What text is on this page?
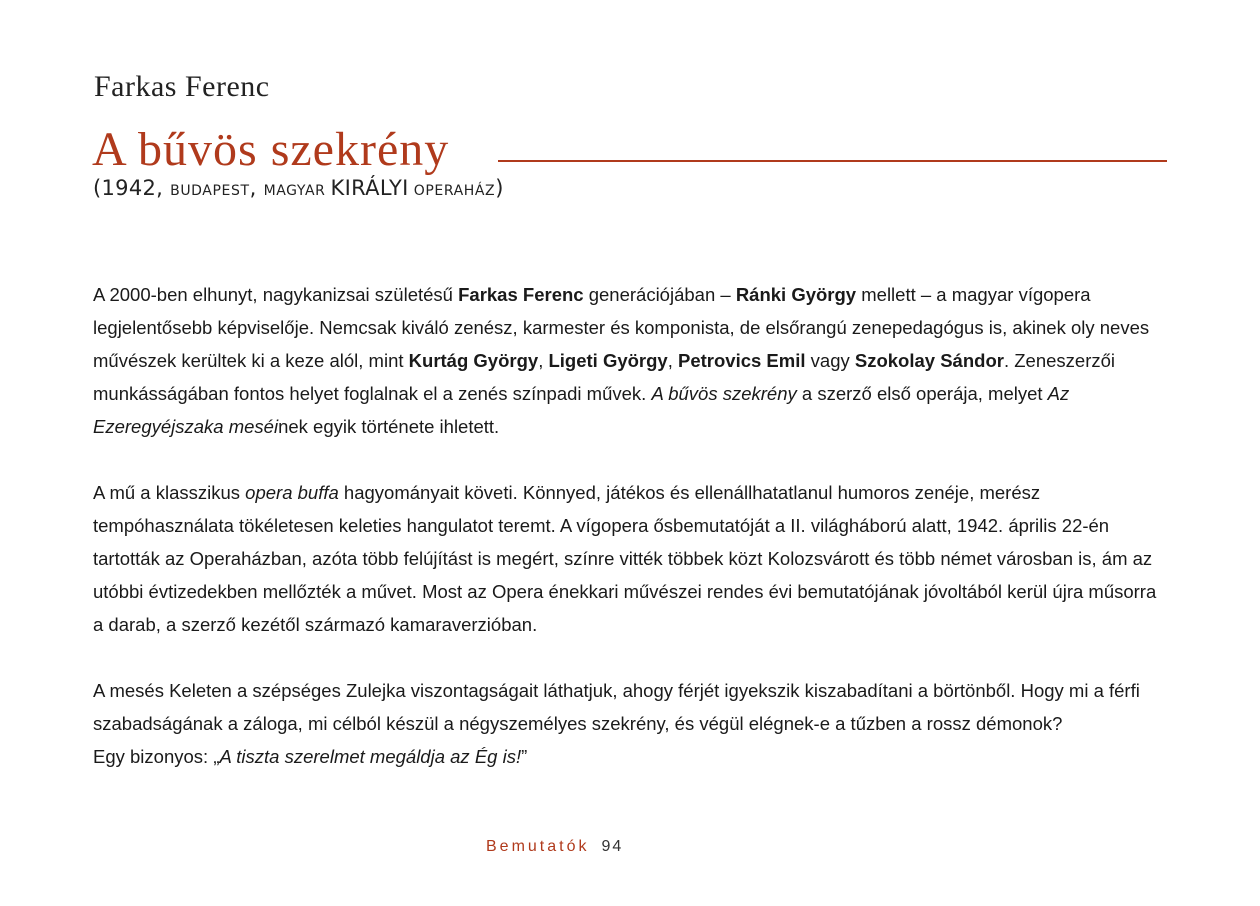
Farkas Ferenc
A bűvös szekrény
(1942, BUDAPEST, MAGYAR KIRÁLYI OPERAHÁZ)

A 2000-ben elhunyt, nagykanizsai születésű Farkas Ferenc generációjában – Ránki György mellett – a magyar vígopera legjelentősebb képviselője. Nemcsak kiváló zenész, karmester és komponista, de elsőrangú zenepedagógus is, akinek oly neves művészek kerültek ki a keze alól, mint Kurtág György, Ligeti György, Petrovics Emil vagy Szokolay Sándor. Zeneszerzői munkásságában fontos helyet foglalnak el a zenés színpadi művek. A bűvös szekrény a szerző első operája, melyet Az Ezeregyéjszaka meséinek egyik története ihletett.

A mű a klasszikus opera buffa hagyományait követi. Könnyed, játékos és ellenállhatatlanul humoros zenéje, merész tempóhasználata tökéletesen keleties hangulatot teremt. A vígopera ősbemutatóját a II. világháború alatt, 1942. április 22-én tartották az Operaházban, azóta több felújítást is megért, színre vitték többek közt Kolozsvárott és több német városban is, ám az utóbbi évtizedekben mellőzték a művet. Most az Opera énekkari művészei rendes évi bemutatójának jóvoltából kerül újra műsorra a darab, a szerző kezétől származó kamaraverzióban.

A mesés Keleten a szépséges Zulejka viszontagságait láthatjuk, ahogy férjét igyekszik kiszabadítani a börtönből. Hogy mi a férfi szabadságának a záloga, mi célból készül a négyszemélyes szekrény, és végül elégnek-e a tűzben a rossz démonok?
Egy bizonyos: „A tiszta szerelmet megáldja az Ég is!”

Bemutatók 94
